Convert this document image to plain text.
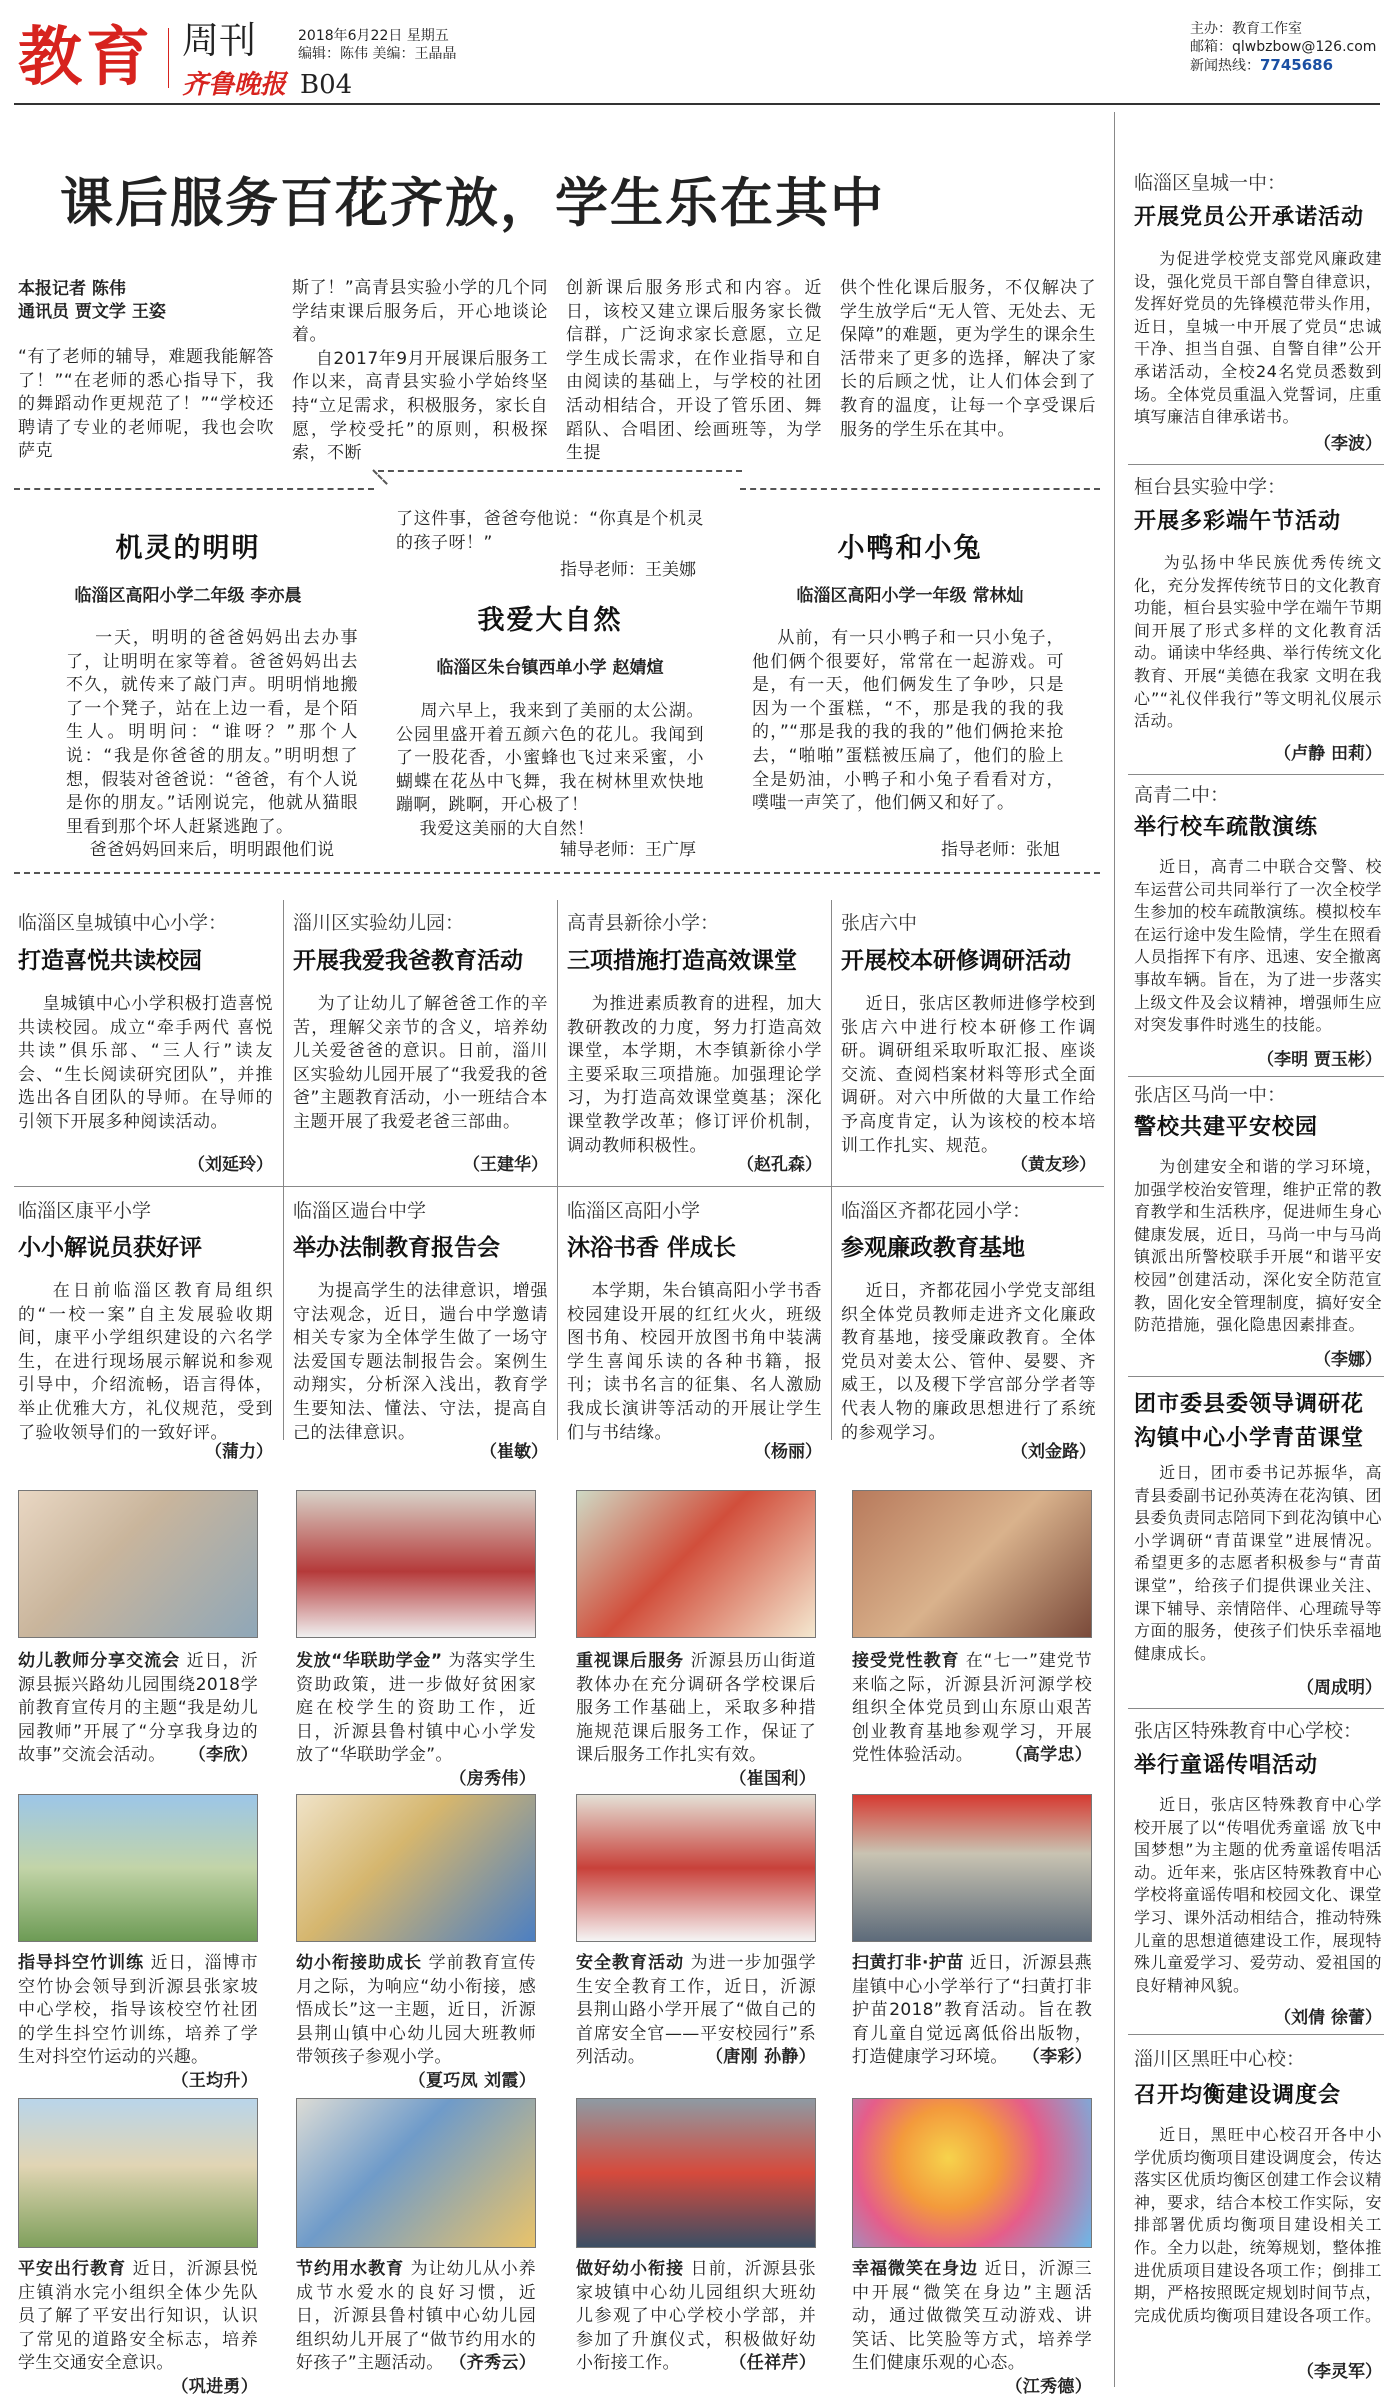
教育 周刊
齐鲁晚报
2018年6月22日 星期五
编辑：陈伟 美编：王晶晶
B04
主办：教育工作室
邮箱：qlwbzbow@126.com
新闻热线：7745686
课后服务百花齐放，学生乐在其中
本报记者 陈伟
通讯员 贾文学 王姿

“有了老师的辅导，难题我能解答了！”“在老师的悉心指导下，我的舞蹈动作更规范了！”“学校还聘请了专业的老师呢，我也会吹萨克

斯了！”高青县实验小学的几个同学结束课后服务后，开心地谈论着。
自2017年9月开展课后服务工作以来，高青县实验小学始终坚持“立足需求，积极服务，家长自愿，学校受托”的原则，积极探索，不断

创新课后服务形式和内容。近日，该校又建立课后服务家长微信群，广泛询求家长意愿，立足学生成长需求，在作业指导和自由阅读的基础上，与学校的社团活动相结合，开设了管乐团、舞蹈队、合唱团、绘画班等，为学生提

供个性化课后服务，不仅解决了学生放学后“无人管、无处去、无保障”的难题，更为学生的课余生活带来了更多的选择，解决了家长的后顾之忧，让人们体会到了教育的温度，让每一个享受课后服务的学生乐在其中。

机灵的明明
临淄区高阳小学二年级 李亦晨

一天，明明的爸爸妈妈出去办事了，让明明在家等着。爸爸妈妈出去不久，就传来了敲门声。明明悄地搬了一个凳子，站在上边一看，是个陌生人。明明问：“谁呀？”那个人说：“我是你爸爸的朋友。”明明想了想，假装对爸爸说：“爸爸，有个人说是你的朋友。”话刚说完，他就从猫眼里看到那个坏人赶紧逃跑了。
爸爸妈妈回来后，明明跟他们说

了这件事，爸爸夸他说：“你真是个机灵的孩子呀！”

指导老师：王美娜
我爱大自然
临淄区朱台镇西单小学 赵婧煊

周六早上，我来到了美丽的太公湖。公园里盛开着五颜六色的花儿。我闻到了一股花香，小蜜蜂也飞过来采蜜，小蝴蝶在花丛中飞舞，我在树林里欢快地蹦啊，跳啊，开心极了！
我爱这美丽的大自然！

辅导老师：王广厚
小鸭和小兔
临淄区高阳小学一年级 常林灿

从前，有一只小鸭子和一只小兔子，他们俩个很要好，常常在一起游戏。可是，有一天，他们俩发生了争吵，只是因为一个蛋糕，“不，那是我的我的我的，”“那是我的我的我的”他们俩抢来抢去，“啪啪”蛋糕被压扁了，他们的脸上全是奶油，小鸭子和小兔子看看对方，噗嗤一声笑了，他们俩又和好了。

指导老师：张旭
临淄区皇城镇中心小学：
打造喜悦共读校园

皇城镇中心小学积极打造喜悦共读校园。成立“牵手两代 喜悦共读”俱乐部、“三人行”读友会、“生长阅读研究团队”，并推选出各自团队的导师。在导师的引领下开展多种阅读活动。

（刘延玲）
淄川区实验幼儿园：
开展我爱我爸教育活动

为了让幼儿了解爸爸工作的辛苦，理解父亲节的含义，培养幼儿关爱爸爸的意识。日前，淄川区实验幼儿园开展了“我爱我的爸爸”主题教育活动，小一班结合本主题开展了我爱老爸三部曲。

（王建华）
高青县新徐小学：
三项措施打造高效课堂

为推进素质教育的进程，加大教研教改的力度，努力打造高效课堂，本学期，木李镇新徐小学主要采取三项措施。加强理论学习，为打造高效课堂奠基；深化课堂教学改革；修订评价机制，调动教师积极性。

（赵孔森）
张店六中
开展校本研修调研活动

近日，张店区教师进修学校到张店六中进行校本研修工作调研。调研组采取听取汇报、座谈交流、查阅档案材料等形式全面调研。对六中所做的大量工作给予高度肯定，认为该校的校本培训工作扎实、规范。

（黄友珍）
临淄区康平小学
小小解说员获好评

在日前临淄区教育局组织的“一校一案”自主发展验收期间，康平小学组织建设的六名学生，在进行现场展示解说和参观引导中，介绍流畅，语言得体，举止优雅大方，礼仪规范，受到了验收领导们的一致好评。

（蒲力）
临淄区遄台中学
举办法制教育报告会

为提高学生的法律意识，增强守法观念，近日，遄台中学邀请相关专家为全体学生做了一场守法爱国专题法制报告会。案例生动翔实，分析深入浅出，教育学生要知法、懂法、守法，提高自己的法律意识。

（崔敏）
临淄区高阳小学
沐浴书香 伴成长

本学期，朱台镇高阳小学书香校园建设开展的红红火火，班级图书角、校园开放图书角中装满学生喜闻乐读的各种书籍，报刊；读书名言的征集、名人激励我成长演讲等活动的开展让学生们与书结缘。

（杨丽）
临淄区齐都花园小学：
参观廉政教育基地

近日，齐都花园小学党支部组织全体党员教师走进齐文化廉政教育基地，接受廉政教育。全体党员对姜太公、管仲、晏婴、齐威王，以及稷下学宫部分学者等代表人物的廉政思想进行了系统的参观学习。

（刘金路）
幼儿教师分享交流会 近日，沂源县振兴路幼儿园围绕2018学前教育宣传月的主题“我是幼儿园教师”开展了“分享我身边的故事”交流会活动。 （李欣）
发放“华联助学金” 为落实学生资助政策，进一步做好贫困家庭在校学生的资助工作，近日，沂源县鲁村镇中心小学发放了“华联助学金”。
（房秀伟）
重视课后服务 沂源县历山街道教体办在充分调研各学校课后服务工作基础上，采取多种措施规范课后服务工作，保证了课后服务工作扎实有效。
（崔国利）
接受党性教育 在“七一”建党节来临之际，沂源县沂河源学校组织全体党员到山东原山艰苦创业教育基地参观学习，开展党性体验活动。 （高学忠）
指导抖空竹训练 近日，淄博市空竹协会领导到沂源县张家坡中心学校，指导该校空竹社团的学生抖空竹训练，培养了学生对抖空竹运动的兴趣。
（王均升）
幼小衔接助成长 学前教育宣传月之际，为响应“幼小衔接，感悟成长”这一主题，近日，沂源县荆山镇中心幼儿园大班教师带领孩子参观小学。
（夏巧凤 刘霞）
安全教育活动 为进一步加强学生安全教育工作，近日，沂源县荆山路小学开展了“做自己的首席安全官——平安校园行”系列活动。	（唐刚 孙静）
扫黄打非·护苗 近日，沂源县燕崖镇中心小学举行了“扫黄打非 护苗2018”教育活动。旨在教育儿童自觉远离低俗出版物，打造健康学习环境。 （李彩）
平安出行教育 近日，沂源县悦庄镇消水完小组织全体少先队员了解了平安出行知识，认识了常见的道路安全标志，培养学生交通安全意识。
（巩进勇）
节约用水教育 为让幼儿从小养成节水爱水的良好习惯，近日，沂源县鲁村镇中心幼儿园组织幼儿开展了“做节约用水的好孩子”主题活动。 （齐秀云）
做好幼小衔接 日前，沂源县张家坡镇中心幼儿园组织大班幼儿参观了中心学校小学部，并参加了升旗仪式，积极做好幼小衔接工作。	（任祥芹）
幸福微笑在身边 近日，沂源三中开展“微笑在身边”主题活动，通过做微笑互动游戏、讲笑话、比笑脸等方式，培养学生们健康乐观的心态。
（江秀德）
临淄区皇城一中：
开展党员公开承诺活动

为促进学校党支部党风廉政建设，强化党员干部自警自律意识，发挥好党员的先锋模范带头作用，近日，皇城一中开展了党员“忠诚干净、担当自强、自警自律”公开承诺活动，全校24名党员悉数到场。全体党员重温入党誓词，庄重填写廉洁自律承诺书。

（李波）
桓台县实验中学：
开展多彩端午节活动

为弘扬中华民族优秀传统文化，充分发挥传统节日的文化教育功能，桓台县实验中学在端午节期间开展了形式多样的文化教育活动。诵读中华经典、举行传统文化教育、开展“美德在我家 文明在我心”“礼仪伴我行”等文明礼仪展示活动。

（卢静 田莉）
高青二中：
举行校车疏散演练

近日，高青二中联合交警、校车运营公司共同举行了一次全校学生参加的校车疏散演练。模拟校车在运行途中发生险情，学生在照看人员指挥下有序、迅速、安全撤离事故车辆。旨在，为了进一步落实上级文件及会议精神，增强师生应对突发事件时逃生的技能。

（李明 贾玉彬）
张店区马尚一中：
警校共建平安校园

为创建安全和谐的学习环境，加强学校治安管理，维护正常的教育教学和生活秩序，促进师生身心健康发展，近日，马尚一中与马尚镇派出所警校联手开展“和谐平安校园”创建活动，深化安全防范宣教，固化安全管理制度，搞好安全防范措施，强化隐患因素排查。

（李娜）
团市委县委领导调研花沟镇中心小学青苗课堂

近日，团市委书记苏振华，高青县委副书记孙英涛在花沟镇、团县委负责同志陪同下到花沟镇中心小学调研“青苗课堂”进展情况。希望更多的志愿者积极参与“青苗课堂”，给孩子们提供课业关注、课下辅导、亲情陪伴、心理疏导等方面的服务，使孩子们快乐幸福地健康成长。

（周成明）
张店区特殊教育中心学校：
举行童谣传唱活动

近日，张店区特殊教育中心学校开展了以“传唱优秀童谣 放飞中国梦想”为主题的优秀童谣传唱活动。近年来，张店区特殊教育中心学校将童谣传唱和校园文化、课堂学习、课外活动相结合，推动特殊儿童的思想道德建设工作，展现特殊儿童爱学习、爱劳动、爱祖国的良好精神风貌。

（刘倩 徐蕾）
淄川区黑旺中心校：
召开均衡建设调度会

近日，黑旺中心校召开各中小学优质均衡项目建设调度会，传达落实区优质均衡区创建工作会议精神，要求，结合本校工作实际，安排部署优质均衡项目建设相关工作。全力以赴，统筹规划，整体推进优质项目建设各项工作；倒排工期，严格按照既定规划时间节点，完成优质均衡项目建设各项工作。

（李灵军）
